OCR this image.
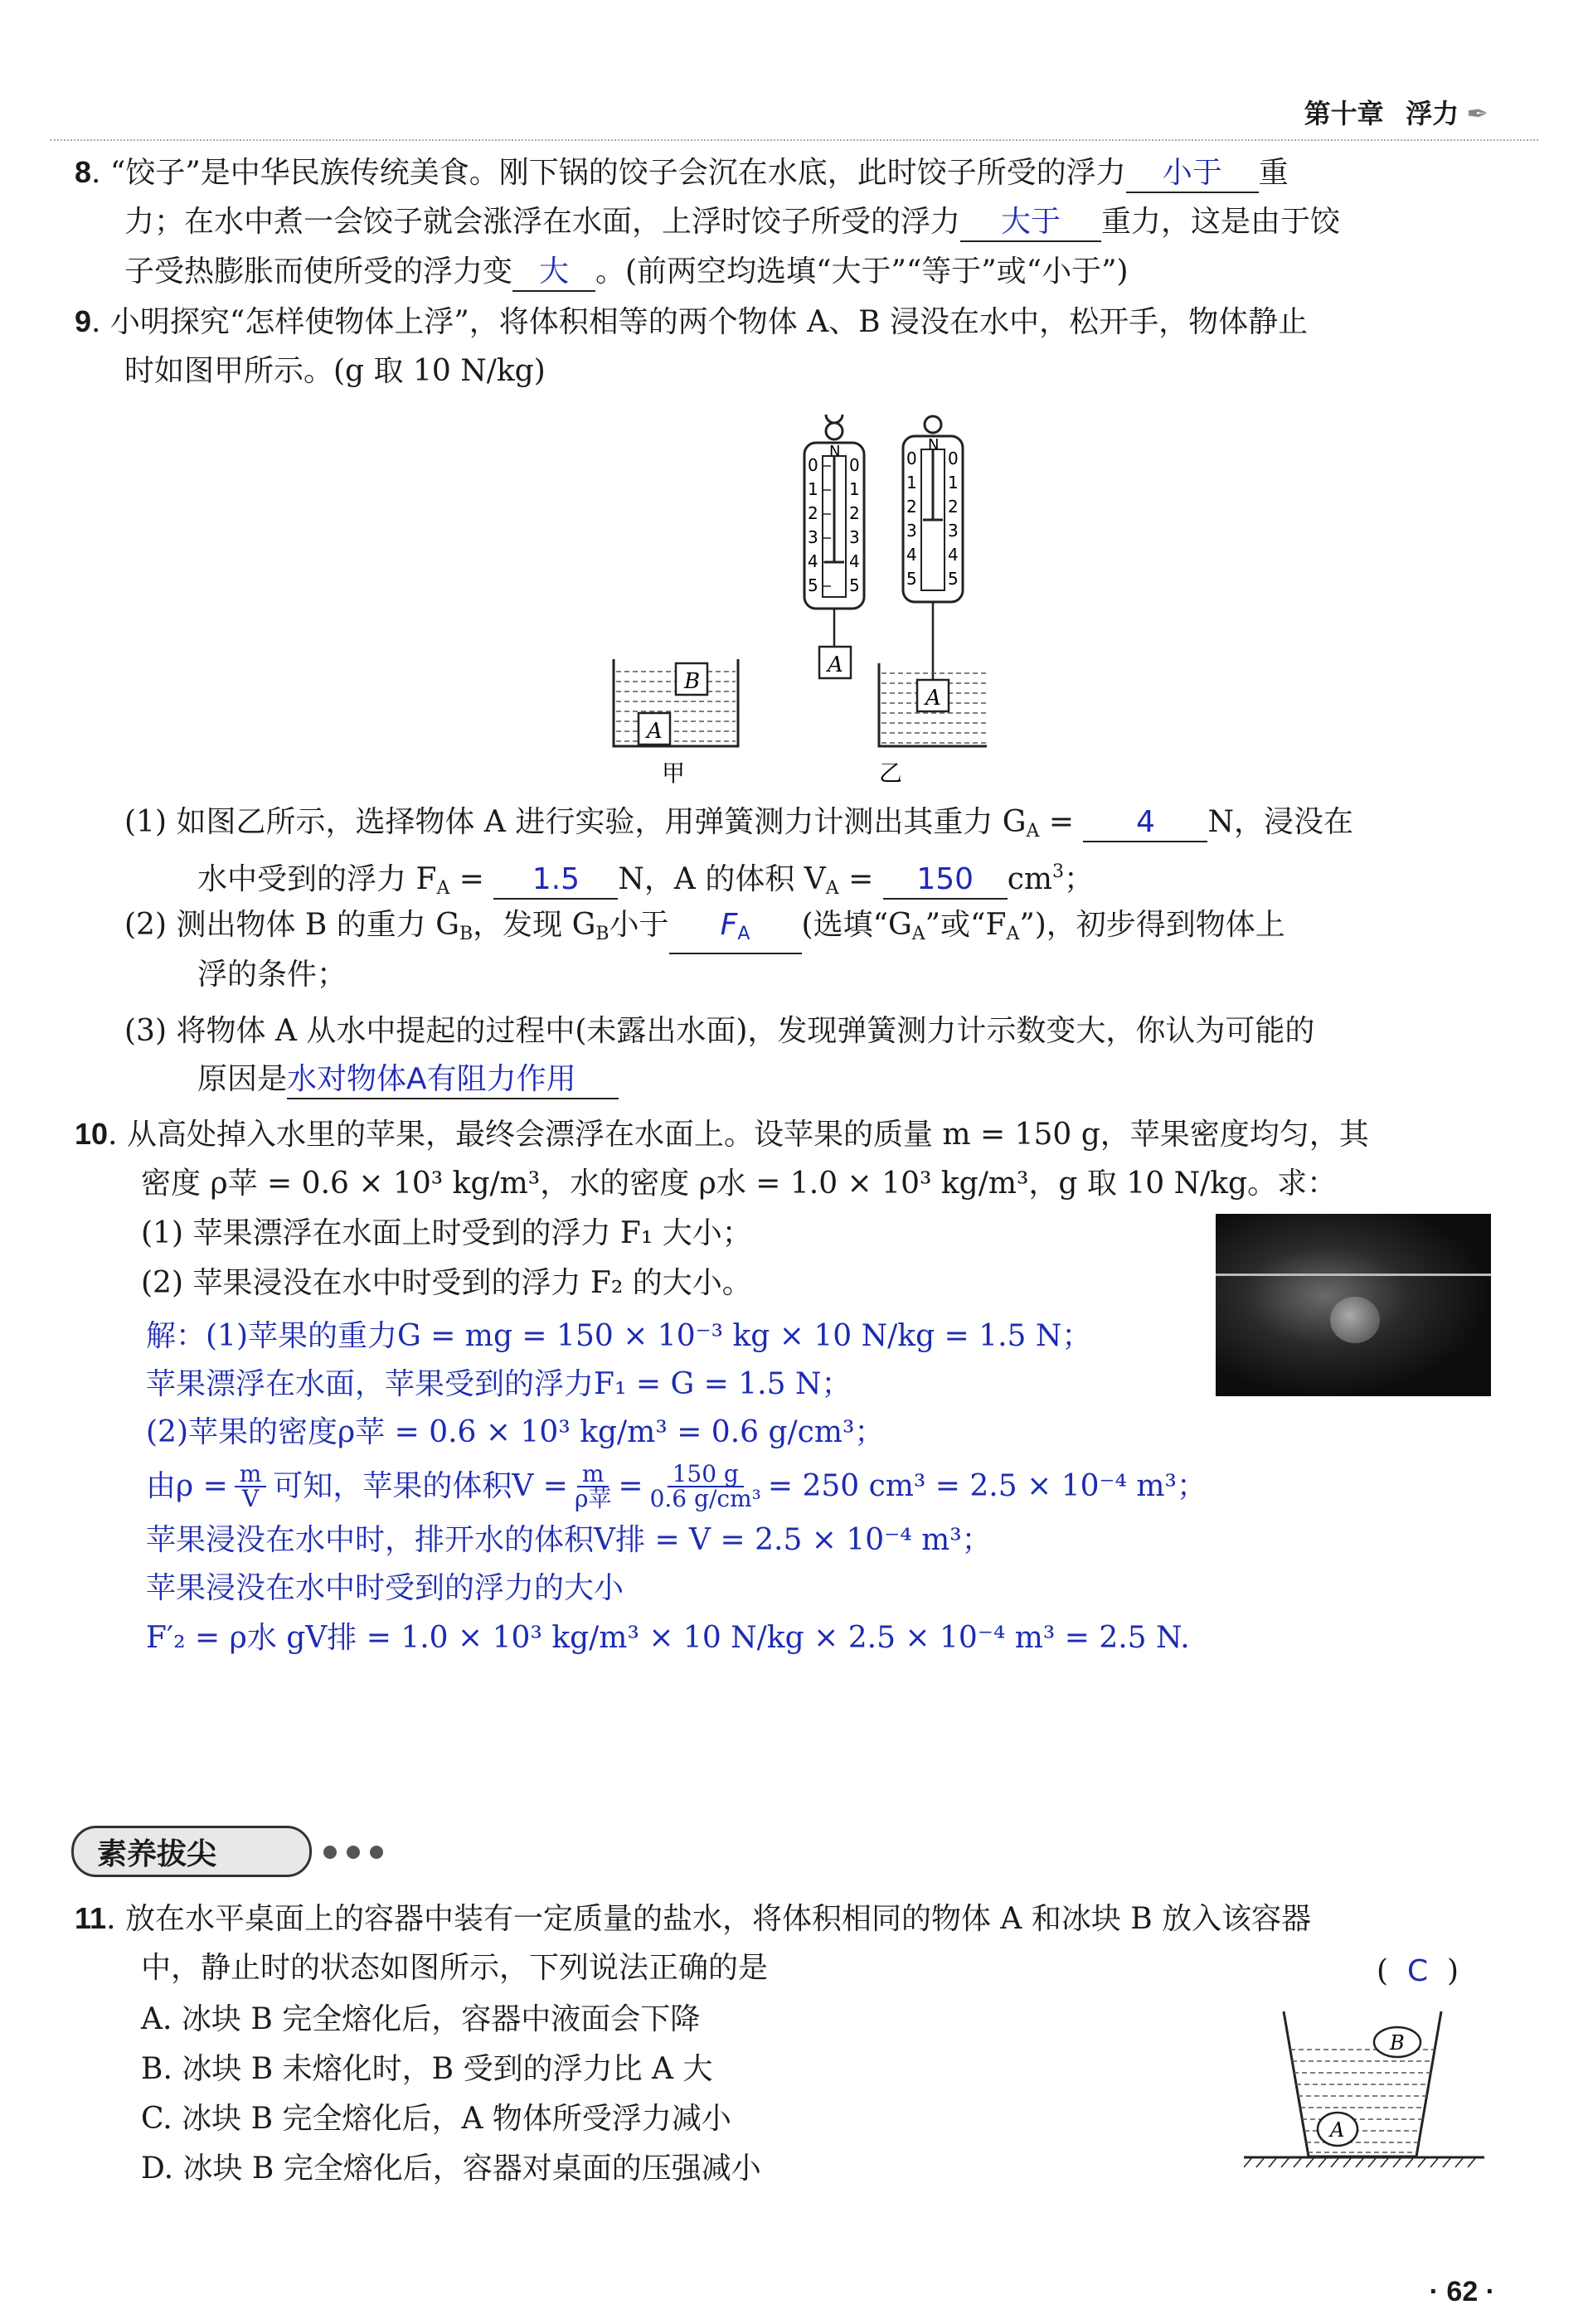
第十章 浮力 ✒
8. “饺子”是中华民族传统美食。刚下锅的饺子会沉在水底，此时饺子所受的浮力 小于 重
力；在水中煮一会饺子就会涨浮在水面，上浮时饺子所受的浮力 大于 重力，这是由于饺
子受热膨胀而使所受的浮力变 大 。(前两空均选填“大于”“等于”或“小于”)
9. 小明探究“怎样使物体上浮”，将体积相等的两个物体 A、B 浸没在水中，松开手，物体静止
时如图甲所示。(g 取 10 N/kg)
B
A
甲
N
0
1
2
3
4
5
0
1
2
3
4
5
A
N
0
1
2
3
4
5
0
1
2
3
4
5
A
乙
(1) 如图乙所示，选择物体 A 进行实验，用弹簧测力计测出其重力 $G_A = 4$ N，浸没在
水中受到的浮力 $F_A = 1.5$ N，A 的体积 $V_A = 150$ $cm^3$；
(2) 测出物体 B 的重力 $G_B$，发现 $G_B$小于 $F_A$ (选填“$G_A$”或“$F_A$”)，初步得到物体上
浮的条件；
(3) 将物体 A 从水中提起的过程中(未露出水面)，发现弹簧测力计示数变大，你认为可能的
原因是水对物体A有阻力作用
10. 从高处掉入水里的苹果，最终会漂浮在水面上。设苹果的质量 m = 150 g，苹果密度均匀，其
密度 ρ苹 = 0.6 × 10³ kg/m³，水的密度 ρ水 = 1.0 × 10³ kg/m³，g 取 10 N/kg。求：
(1) 苹果漂浮在水面上时受到的浮力 F₁ 大小；
(2) 苹果浸没在水中时受到的浮力 F₂ 的大小。
解：(1)苹果的重力G = mg = 150 × 10⁻³ kg × 10 N/kg = 1.5 N；
苹果漂浮在水面，苹果受到的浮力F₁ = G = 1.5 N；
(2)苹果的密度ρ苹 = 0.6 × 10³ kg/m³ = 0.6 g/cm³；
由$\rho = \frac{m}{V}$ 可知，苹果的体积V = m
ρ苹 = $\frac{150 g}{\text{0.6 g/cm³}} = 250$ cm³ = 2.5 × 10⁻⁴ m³；
苹果浸没在水中时，排开水的体积V排 = V = 2.5 × 10⁻⁴ m³；
苹果浸没在水中时受到的浮力的大小
F′₂ = ρ水 gV排 = 1.0 × 10³ kg/m³ × 10 N/kg × 2.5 × 10⁻⁴ m³ = 2.5 N.
素养拔尖
11. 放在水平桌面上的容器中装有一定质量的盐水，将体积相同的物体 A 和冰块 B 放入该容器
中，静止时的状态如图所示，下列说法正确的是	( C )
A. 冰块 B 完全熔化后，容器中液面会下降
B. 冰块 B 未熔化时，B 受到的浮力比 A 大
C. 冰块 B 完全熔化后，A 物体所受浮力减小
D. 冰块 B 完全熔化后，容器对桌面的压强减小
B
A
· 62 ·
